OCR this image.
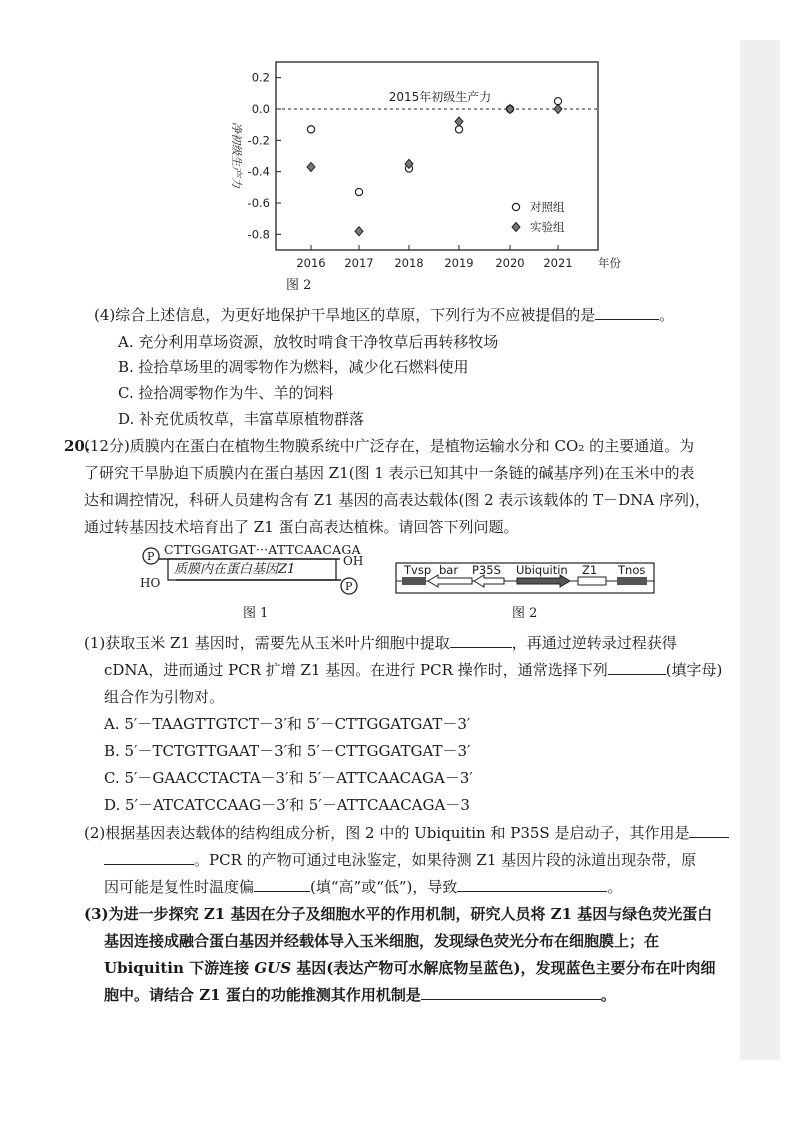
0.2
0.0
-0.2
-0.4
-0.6
-0.8
2016 2017 2018 2019 2020 2021 年份
2015年初级生产力
净初级生产力
对照组
实验组
图 2
(4)综合上述信息，为更好地保护干旱地区的草原，下列行为不应被提倡的是	。
A. 充分利用草场资源，放牧时啃食干净牧草后再转移牧场
B. 捡拾草场里的凋零物作为燃料，减少化石燃料使用
C. 捡拾凋零物作为牛、羊的饲料
D. 补充优质牧草，丰富草原植物群落
20.
(12分)质膜内在蛋白在植物生物膜系统中广泛存在，是植物运输水分和 CO₂ 的主要通道。为
了研究干旱胁迫下质膜内在蛋白基因 Z1(图 1 表示已知其中一条链的碱基序列)在玉米中的表
达和调控情况，科研人员建构含有 Z1 基因的高表达载体(图 2 表示该载体的 T－DNA 序列)，
通过转基因技术培育出了 Z1 蛋白高表达植株。请回答下列问题。
P
P
CTTGGATGAT···ATTCAACAGA
HO
OH
质膜内在蛋白基因Z1
图 1
Tvsp bar P35S Ubiquitin Z1 Tnos
图 2
(1)获取玉米 Z1 基因时，需要先从玉米叶片细胞中提取	，再通过逆转录过程获得
cDNA，进而通过 PCR 扩增 Z1 基因。在进行 PCR 操作时，通常选择下列	(填字母)
组合作为引物对。
A. 5′－TAAGTTGTCT－3′和 5′－CTTGGATGAT－3′
B. 5′－TCTGTTGAAT－3′和 5′－CTTGGATGAT－3′
C. 5′－GAACCTACTA－3′和 5′－ATTCAACAGA－3′
D. 5′－ATCATCCAAG－3′和 5′－ATTCAACAGA－3
(2)根据基因表达载体的结构组成分析，图 2 中的 Ubiquitin 和 P35S 是启动子，其作用是
。PCR 的产物可通过电泳鉴定，如果待测 Z1 基因片段的泳道出现杂带，原
因可能是复性时温度偏	(填“高”或“低”)，导致	。
(3)为进一步探究 Z1 基因在分子及细胞水平的作用机制，研究人员将 Z1 基因与绿色荧光蛋白
基因连接成融合蛋白基因并经载体导入玉米细胞，发现绿色荧光分布在细胞膜上；在
Ubiquitin 下游连接 GUS 基因(表达产物可水解底物呈蓝色)，发现蓝色主要分布在叶肉细
胞中。请结合 Z1 蛋白的功能推测其作用机制是	。
